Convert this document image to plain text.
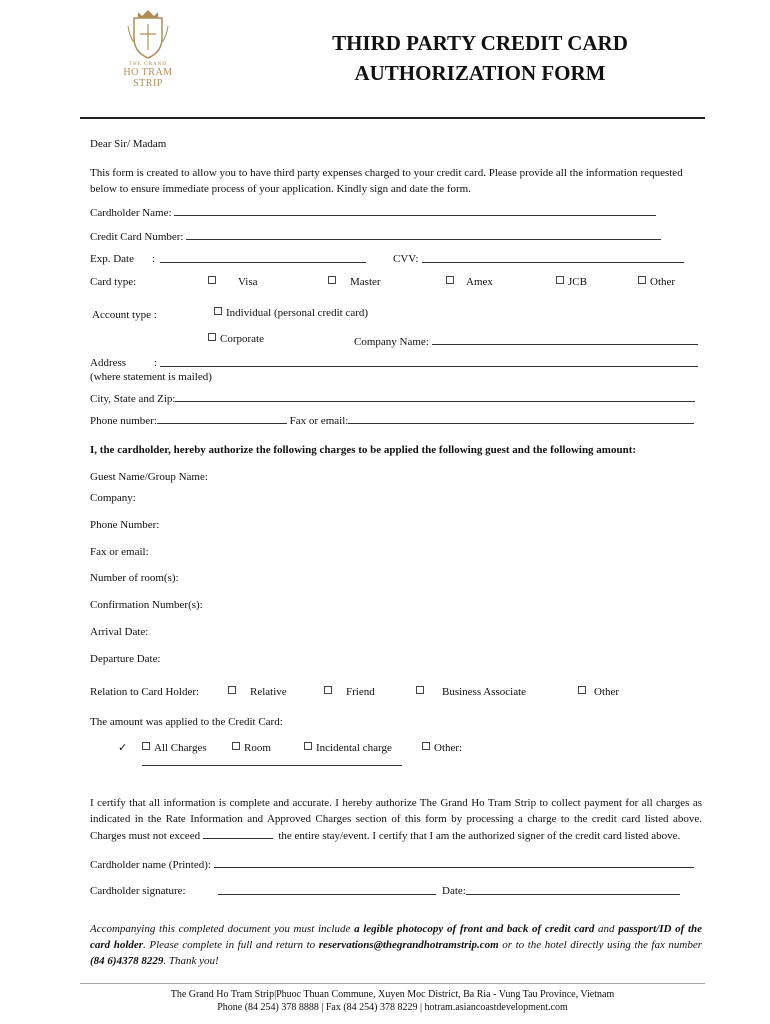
THE GRAND
HO TRAM STRIP
THIRD PARTY CREDIT CARD
AUTHORIZATION FORM
Dear Sir/ Madam
This form is created to allow you to have third party expenses charged to your credit card. Please provide all the information requested below to ensure immediate process of your application. Kindly sign and date the form.
Cardholder Name:
Credit Card Number:
Exp. Date :	CVV:
Card type:	Visa	Master	Amex	JCB	Other
Account type :	Individual (personal credit card)
Corporate	Company Name:
Address	:
(where statement is mailed)
City, State and Zip:
Phone number:	Fax or email:
I, the cardholder, hereby authorize the following charges to be applied the following guest and the following amount:
Guest Name/Group Name:
Company:
Phone Number:
Fax or email:
Number of room(s):
Confirmation Number(s):
Arrival Date:
Departure Date:
Relation to Card Holder:	Relative	Friend	Business Associate	Other
The amount was applied to the Credit Card:
✓	All Charges	Room	Incidental charge	Other:
I certify that all information is complete and accurate. I hereby authorize The Grand Ho Tram Strip to collect payment for all charges as indicated in the Rate Information and Approved Charges section of this form by processing a charge to the credit card listed above. Charges must not exceed	the entire stay/event. I certify that I am the authorized signer of the credit card listed above.
Cardholder name (Printed):
Cardholder signature:	Date:
Accompanying this completed document you must include a legible photocopy of front and back of credit card and passport/ID of the card holder. Please complete in full and return to reservations@thegrandhotramstrip.com or to the hotel directly using the fax number (84 6)4378 8229. Thank you!
The Grand Ho Tram Strip|Phuoc Thuan Commune, Xuyen Moc District, Ba Ria - Vung Tau Province, Vietnam
Phone (84 254) 378 8888 | Fax (84 254) 378 8229 | hotram.asiancoastdevelopment.com
